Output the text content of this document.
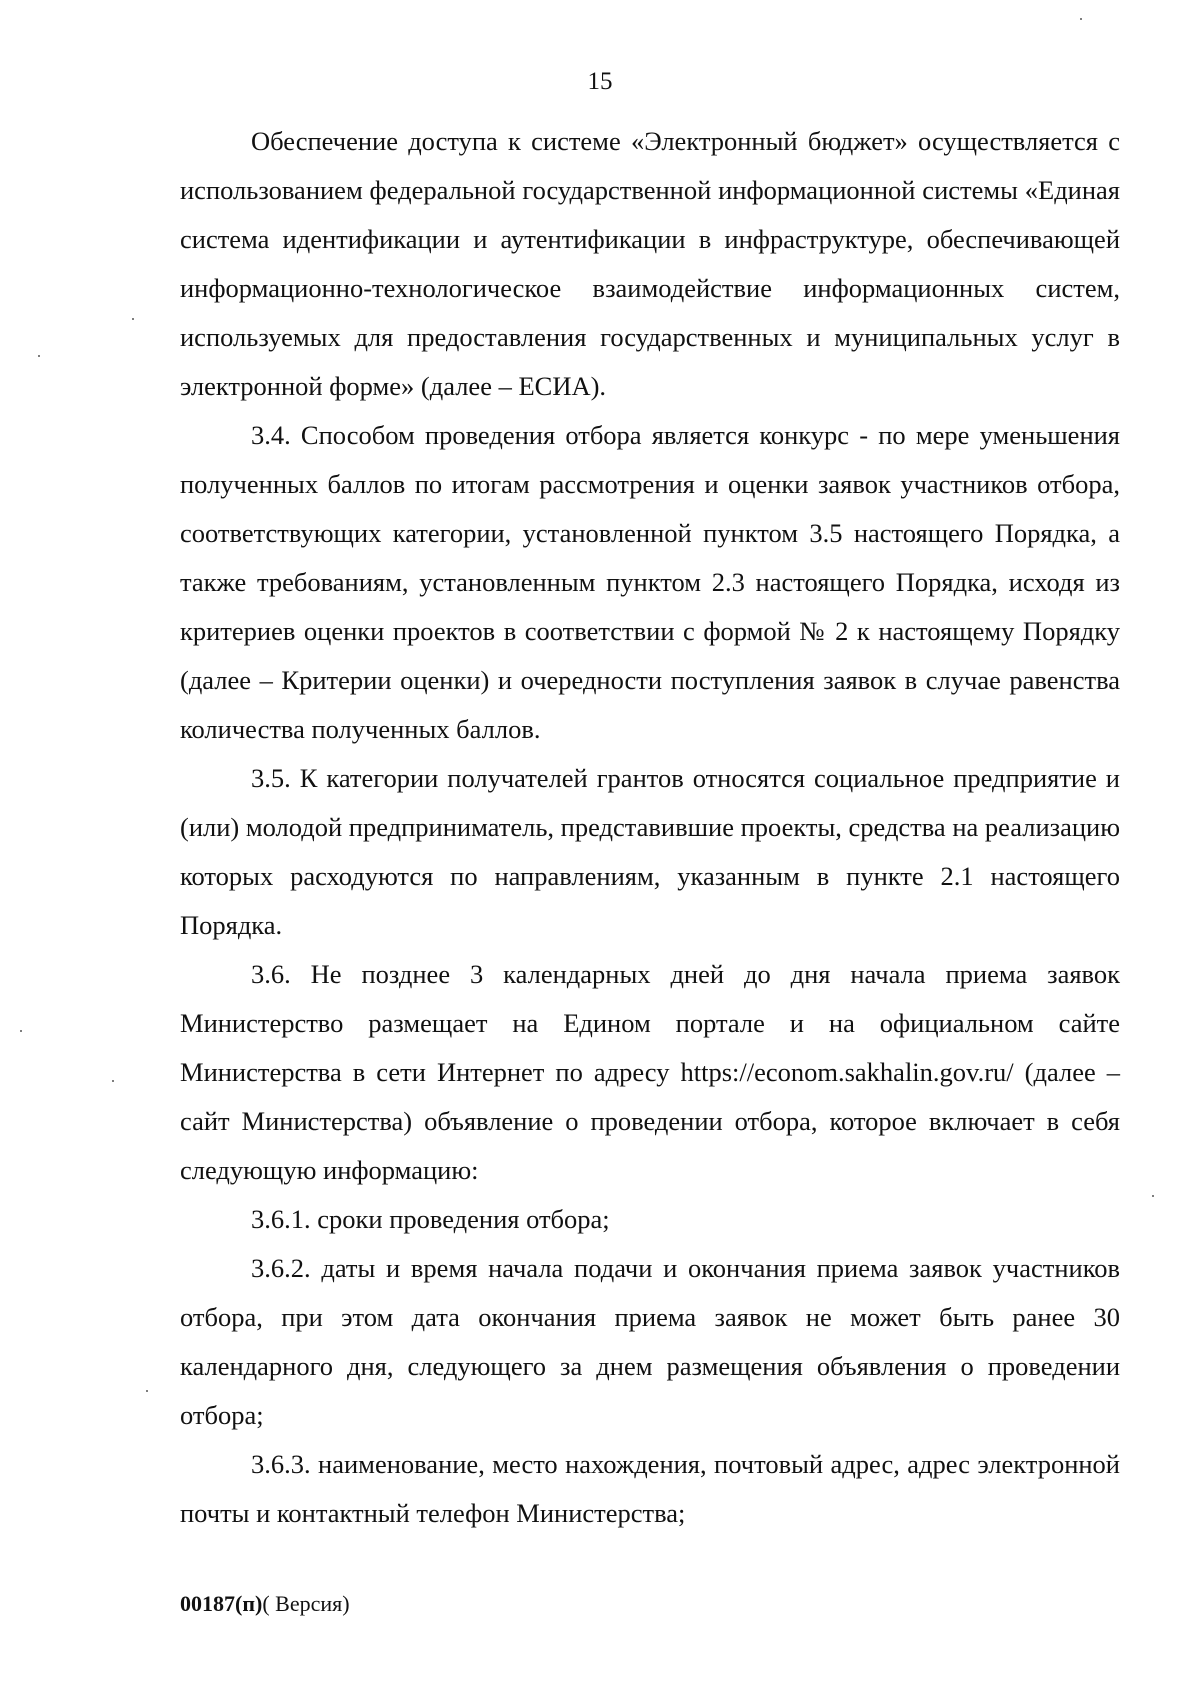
15

Обеспечение доступа к системе «Электронный бюджет» осуществляется с использованием федеральной государственной информационной системы «Единая система идентификации и аутентификации в инфраструктуре, обеспечивающей информационно-технологическое взаимодействие информационных систем, используемых для предоставления государственных и муниципальных услуг в электронной форме» (далее – ЕСИА).

3.4. Способом проведения отбора является конкурс - по мере уменьшения полученных баллов по итогам рассмотрения и оценки заявок участников отбора, соответствующих категории, установленной пунктом 3.5 настоящего Порядка, а также требованиям, установленным пунктом 2.3 настоящего Порядка, исходя из критериев оценки проектов в соответствии с формой № 2 к настоящему Порядку (далее – Критерии оценки) и очередности поступления заявок в случае равенства количества полученных баллов.

3.5. К категории получателей грантов относятся социальное предприятие и (или) молодой предприниматель, представившие проекты, средства на реализацию которых расходуются по направлениям, указанным в пункте 2.1 настоящего Порядка.

3.6. Не позднее 3 календарных дней до дня начала приема заявок Министерство размещает на Едином портале и на официальном сайте Министерства в сети Интернет по адресу https://econom.sakhalin.gov.ru/ (далее – сайт Министерства) объявление о проведении отбора, которое включает в себя следующую информацию:

3.6.1. сроки проведения отбора;

3.6.2. даты и время начала подачи и окончания приема заявок участников отбора, при этом дата окончания приема заявок не может быть ранее 30 календарного дня, следующего за днем размещения объявления о проведении отбора;

3.6.3. наименование, место нахождения, почтовый адрес, адрес электронной почты и контактный телефон Министерства;

00187(п)( Версия)
